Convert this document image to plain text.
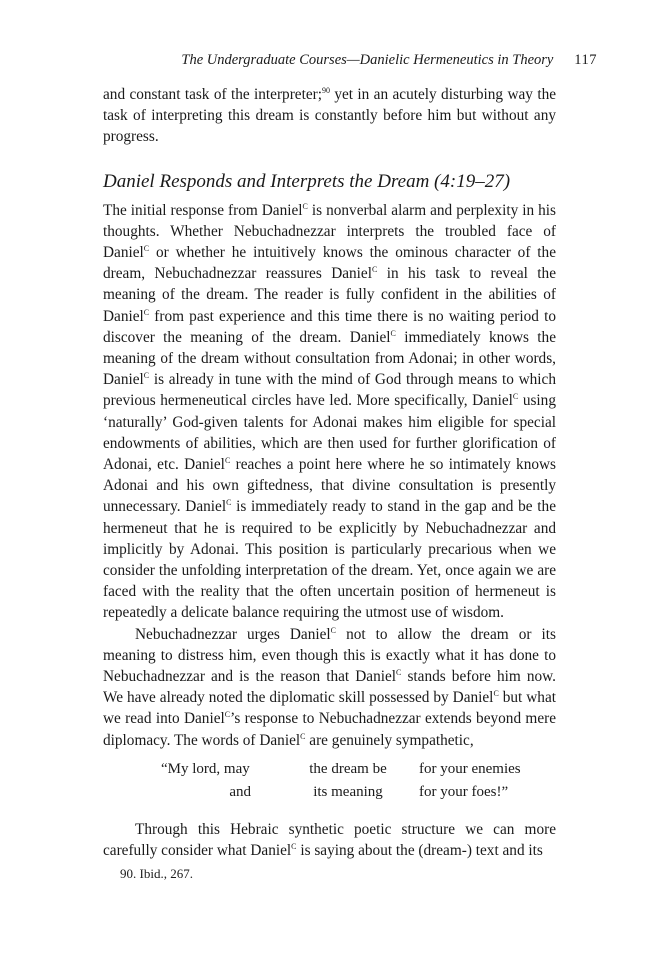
The Undergraduate Courses—Danielic Hermeneutics in Theory 117

and constant task of the interpreter;$^{90}$ yet in an acutely disturbing way the task of interpreting this dream is constantly before him but without any progress.

Daniel Responds and Interprets the Dream (4:19–27)

The initial response from Daniel$^C$ is nonverbal alarm and perplexity in his thoughts. Whether Nebuchadnezzar interprets the troubled face of Daniel$^C$ or whether he intuitively knows the ominous character of the dream, Nebuchadnezzar reassures Daniel$^C$ in his task to reveal the meaning of the dream. The reader is fully confident in the abilities of Daniel$^C$ from past experience and this time there is no waiting period to discover the meaning of the dream. Daniel$^C$ immediately knows the meaning of the dream without consultation from Adonai; in other words, Daniel$^C$ is already in tune with the mind of God through means to which previous hermeneutical circles have led. More specifically, Daniel$^C$ using ‘naturally’ God-given talents for Adonai makes him eligible for special endowments of abilities, which are then used for further glorification of Adonai, etc. Daniel$^C$ reaches a point here where he so intimately knows Adonai and his own giftedness, that divine consultation is presently unnecessary. Daniel$^C$ is immediately ready to stand in the gap and be the hermeneut that he is required to be explicitly by Nebuchadnezzar and implicitly by Adonai. This position is particularly precarious when we consider the unfolding interpretation of the dream. Yet, once again we are faced with the reality that the often uncertain position of hermeneut is repeatedly a delicate balance requiring the utmost use of wisdom.

Nebuchadnezzar urges Daniel$^C$ not to allow the dream or its meaning to distress him, even though this is exactly what it has done to Nebuchadnezzar and is the reason that Daniel$^C$ stands before him now. We have already noted the diplomatic skill possessed by Daniel$^C$ but what we read into Daniel$^C$’s response to Nebuchadnezzar extends beyond mere diplomacy. The words of Daniel$^C$ are genuinely sympathetic,

“My lord, may	the dream be	for your enemies
and	its meaning	for your foes!”

Through this Hebraic synthetic poetic structure we can more carefully consider what Daniel$^C$ is saying about the (dream-) text and its

90. Ibid., 267.
